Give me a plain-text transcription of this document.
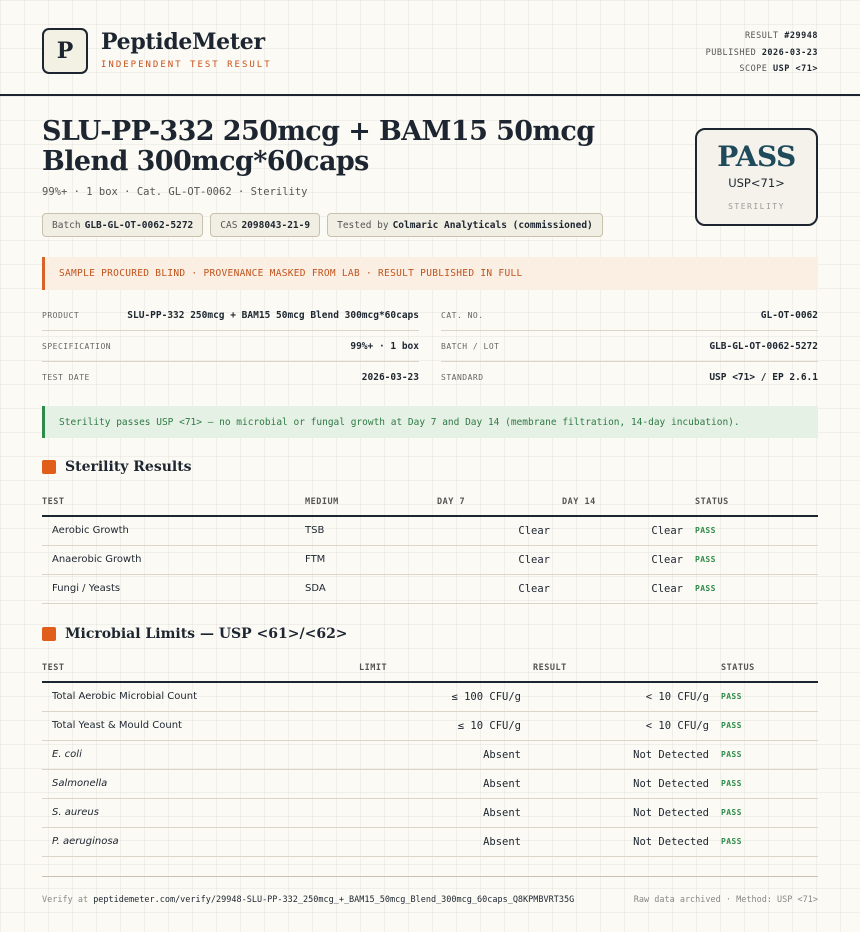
P	PeptideMeter
INDEPENDENT TEST RESULT
RESULT #29948
PUBLISHED 2026-03-23
SCOPE USP <71>
SLU-PP-332 250mcg + BAM15 50mcg Blend 300mcg*60caps
99%+ · 1 box · Cat. GL-OT-0062 · Sterility
Batch GLB-GL-OT-0062-5272	CAS 2098043-21-9	Tested by Colmaric Analyticals (commissioned)
PASS
USP<71>
STERILITY
SAMPLE PROCURED BLIND · PROVENANCE MASKED FROM LAB · RESULT PUBLISHED IN FULL
PRODUCT	SLU-PP-332 250mcg + BAM15 50mcg Blend 300mcg*60caps
SPECIFICATION	99%+ · 1 box
TEST DATE	2026-03-23
CAT. NO.	GL-OT-0062
BATCH / LOT	GLB-GL-OT-0062-5272
STANDARD	USP <71> / EP 2.6.1
Sterility passes USP <71> — no microbial or fungal growth at Day 7 and Day 14 (membrane filtration, 14-day incubation).
Sterility Results
TEST	MEDIUM	DAY 7	DAY 14	STATUS
Aerobic Growth	TSB	Clear	Clear	PASS
Anaerobic Growth	FTM	Clear	Clear	PASS
Fungi / Yeasts	SDA	Clear	Clear	PASS
Microbial Limits — USP <61>/<62>
TEST	LIMIT	RESULT	STATUS
Total Aerobic Microbial Count	≤ 100 CFU/g	< 10 CFU/g	PASS
Total Yeast & Mould Count	≤ 10 CFU/g	< 10 CFU/g	PASS
E. coli	Absent	Not Detected	PASS
Salmonella	Absent	Not Detected	PASS
S. aureus	Absent	Not Detected	PASS
P. aeruginosa	Absent	Not Detected	PASS
Verify at peptidemeter.com/verify/29948-SLU-PP-332_250mcg_+_BAM15_50mcg_Blend_300mcg_60caps_Q8KPMBVRT35G	Raw data archived · Method: USP <71>
